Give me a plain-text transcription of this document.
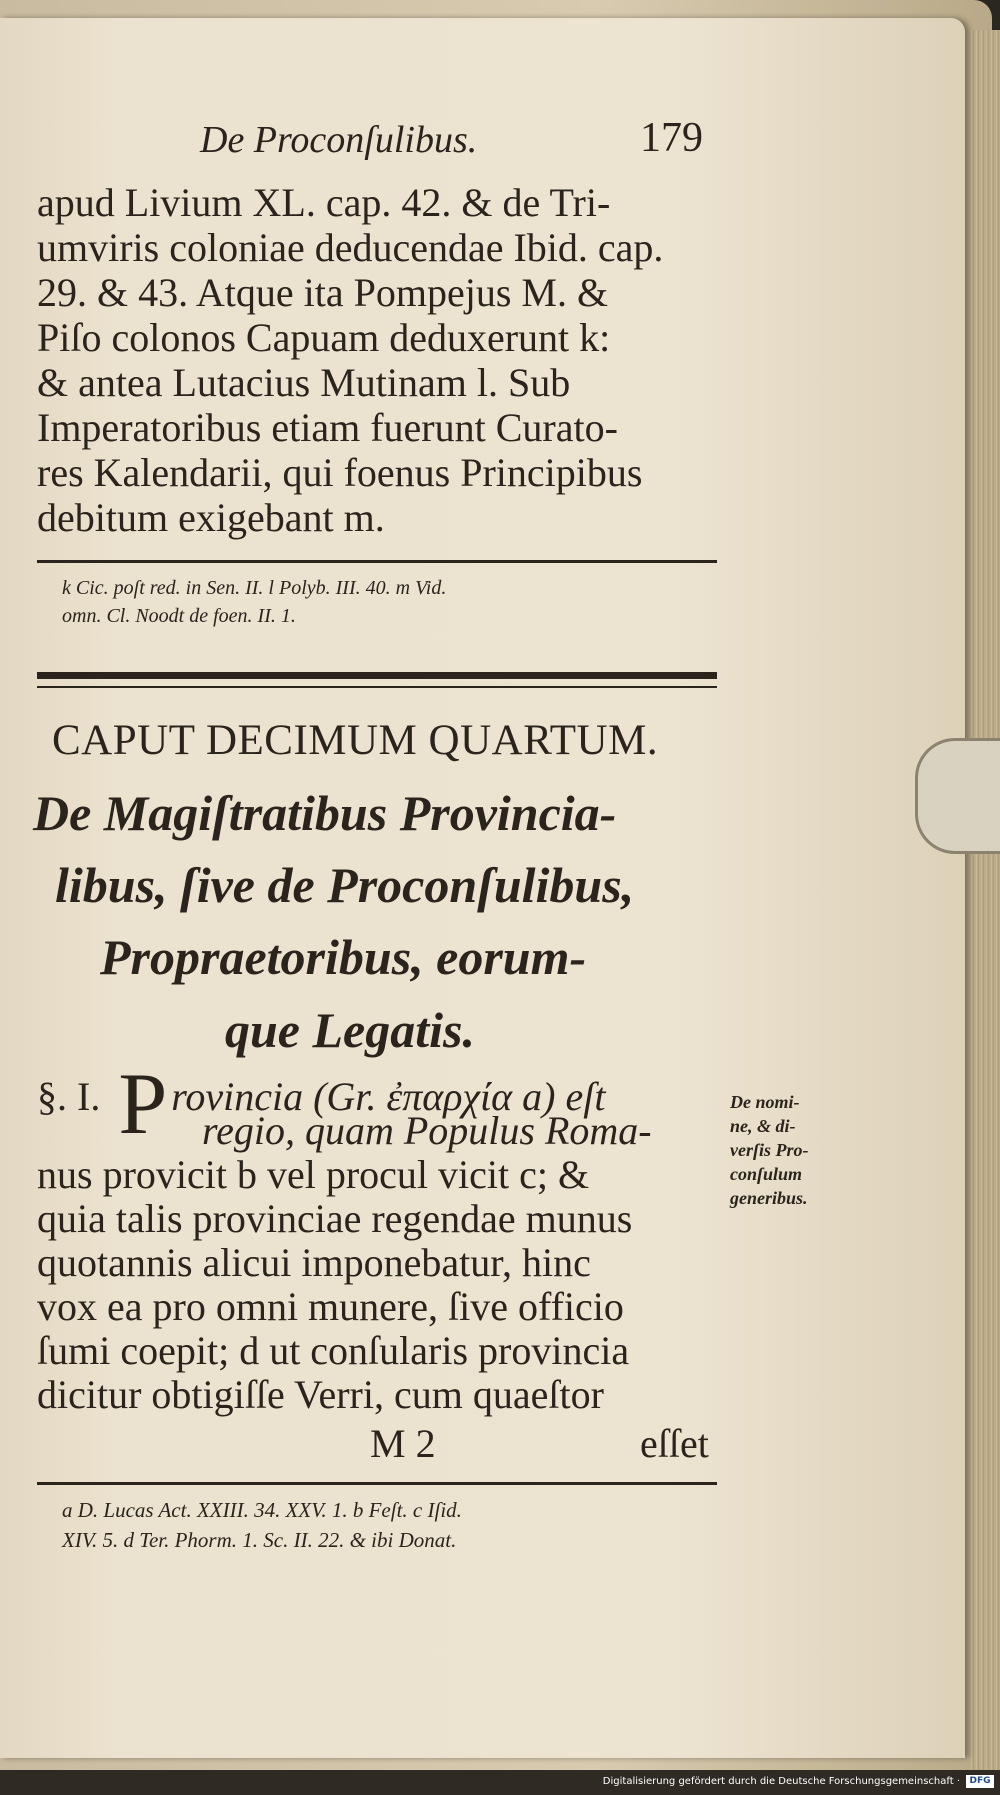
De Proconſulibus.	179
apud Livium XL. cap. 42. & de Tri-
umviris coloniae deducendae Ibid. cap.
29. & 43. Atque ita Pompejus M. &
Piſo colonos Capuam deduxerunt k:
& antea Lutacius Mutinam l. Sub
Imperatoribus etiam fuerunt Curato-
res Kalendarii, qui foenus Principibus
debitum exigebant m.
k Cic. poſt red. in Sen. II. l Polyb. III. 40. m Vid.
omn. Cl. Noodt de foen. II. 1.
CAPUT DECIMUM QUARTUM.
De Magiſtratibus Provincia-
libus, ſive de Proconſulibus,
Propraetoribus, eorum-
que Legatis.
§. I. P rovincia (Gr. ἐπαρχία a) eſt
regio, quam Populus Roma-
nus provicit b vel procul vicit c; &
quia talis provinciae regendae munus
quotannis alicui imponebatur, hinc
vox ea pro omni munere, ſive officio
ſumi coepit; d ut conſularis provincia
dicitur obtigiſſe Verri, cum quaeſtor
M 2	eſſet
De nomi-
ne, & di-
verſis Pro-
conſulum
generibus.
a D. Lucas Act. XXIII. 34. XXV. 1. b Feſt. c Iſid.
XIV. 5. d Ter. Phorm. 1. Sc. II. 22. & ibi Donat.
Digitalisierung gefördert durch die Deutsche Forschungsgemeinschaft ·	DFG
